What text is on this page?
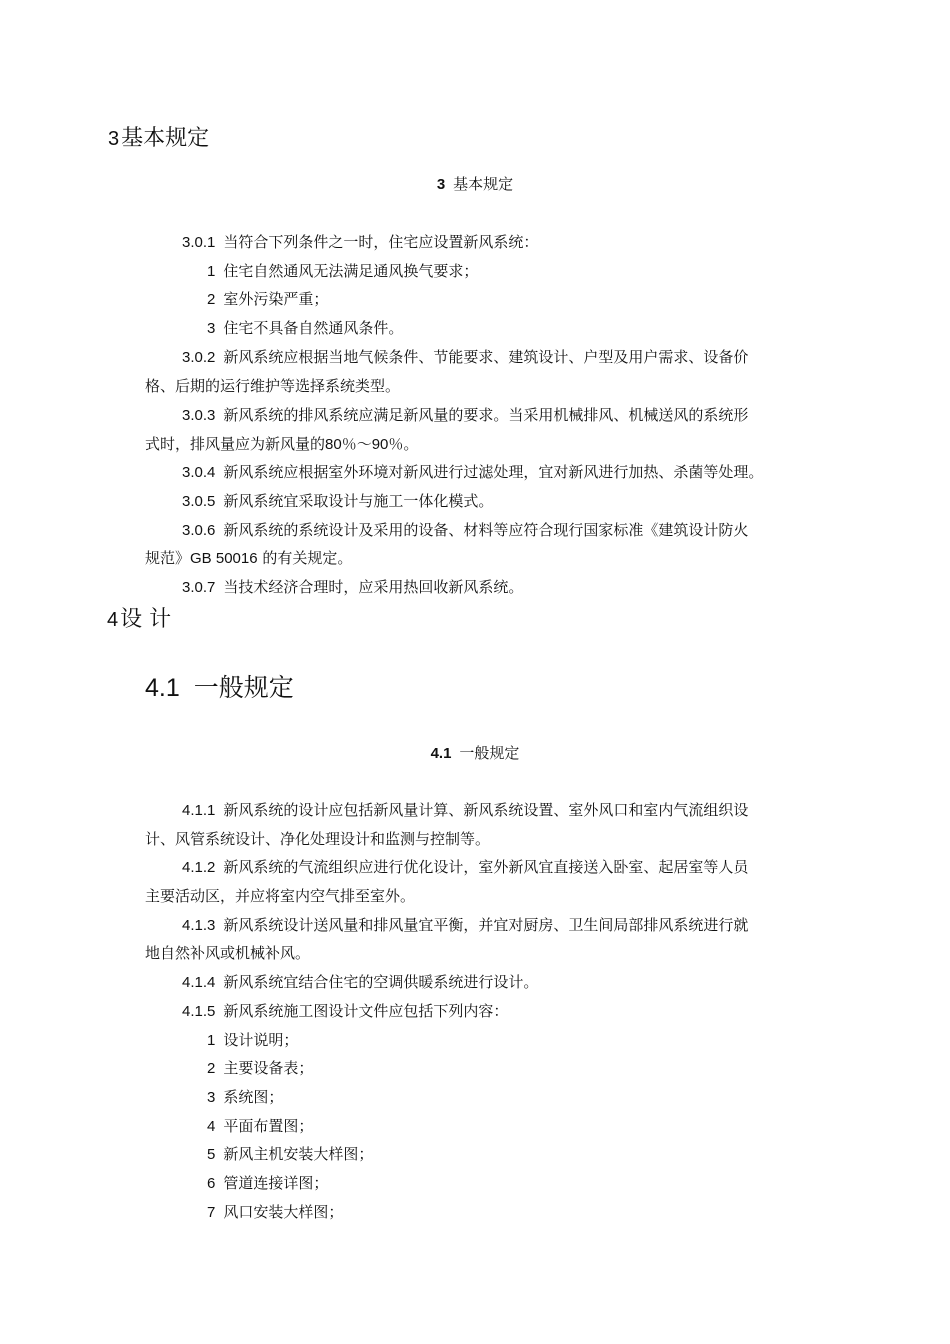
3基本规定
3 基本规定
3.0.1 当符合下列条件之一时，住宅应设置新风系统：
1 住宅自然通风无法满足通风换气要求；
2 室外污染严重；
3 住宅不具备自然通风条件。
3.0.2 新风系统应根据当地气候条件、节能要求、建筑设计、户型及用户需求、设备价
格、后期的运行维护等选择系统类型。
3.0.3 新风系统的排风系统应满足新风量的要求。当采用机械排风、机械送风的系统形
式时，排风量应为新风量的80％～90％。
3.0.4 新风系统应根据室外环境对新风进行过滤处理，宜对新风进行加热、杀菌等处理。
3.0.5 新风系统宜采取设计与施工一体化模式。
3.0.6 新风系统的系统设计及采用的设备、材料等应符合现行国家标准《建筑设计防火
规范》GB 50016 的有关规定。
3.0.7 当技术经济合理时，应采用热回收新风系统。
4设 计
4.1 一般规定
4.1 一般规定
4.1.1 新风系统的设计应包括新风量计算、新风系统设置、室外风口和室内气流组织设
计、风管系统设计、净化处理设计和监测与控制等。
4.1.2 新风系统的气流组织应进行优化设计，室外新风宜直接送入卧室、起居室等人员
主要活动区，并应将室内空气排至室外。
4.1.3 新风系统设计送风量和排风量宜平衡，并宜对厨房、卫生间局部排风系统进行就
地自然补风或机械补风。
4.1.4 新风系统宜结合住宅的空调供暖系统进行设计。
4.1.5 新风系统施工图设计文件应包括下列内容：
1 设计说明；
2 主要设备表；
3 系统图；
4 平面布置图；
5 新风主机安装大样图；
6 管道连接详图；
7 风口安装大样图；
